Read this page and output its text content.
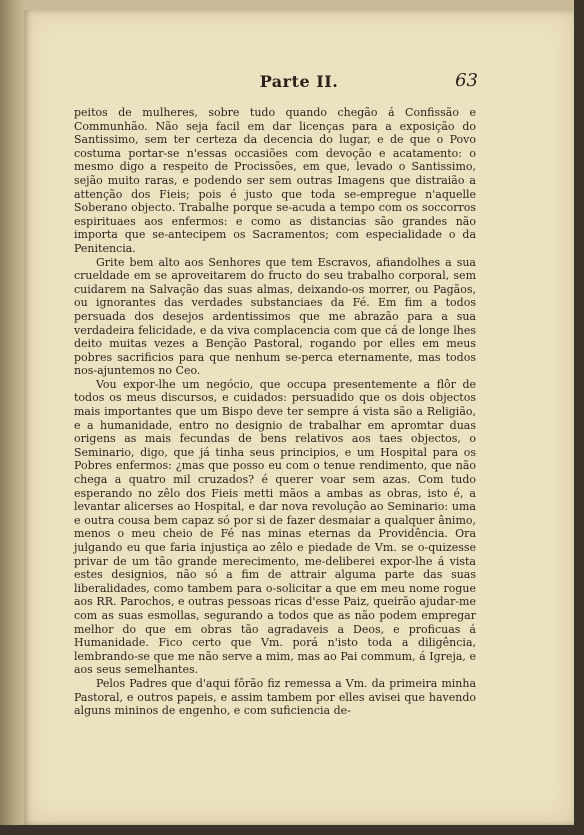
Parte II.	63

peitos de mulheres, sobre tudo quando chegão á Confissão e Communhão. Não seja facil em dar licenças para a exposição do Santissimo, sem ter certeza da decencia do lugar, e de que o Povo costuma portar-se n'essas occasiões com devoção e acatamento: o mesmo digo a respeito de Procissões, em que, levado o Santissimo, sejão muito raras, e podendo ser sem outras Imagens que distraião a attenção dos Fieis; pois é justo que toda se-empregue n'aquelle Soberano objecto. Trabalhe porque se-acuda a tempo com os soccorros espirituaes aos enfermos: e como as distancias são grandes não importa que se-antecipem os Sacramentos; com especialidade o da Penitencia.

Grite bem alto aos Senhores que tem Escravos, afiandolhes a sua crueldade em se aproveitarem do fructo do seu trabalho corporal, sem cuidarem na Salvação das suas almas, deixando-os morrer, ou Pagãos, ou ignorantes das verdades substanciaes da Fé. Em fim a todos persuada dos desejos ardentissimos que me abrazão para a sua verdadeira felicidade, e da viva complacencia com que cá de longe lhes deito muitas vezes a Benção Pastoral, rogando por elles em meus pobres sacrificios para que nenhum se-perca eternamente, mas todos nos-ajuntemos no Ceo.

Vou expor-lhe um negócio, que occupa presentemente a flôr de todos os meus discursos, e cuidados: persuadido que os dois objectos mais importantes que um Bispo deve ter sempre á vista são a Religião, e a humanidade, entro no designio de trabalhar em apromtar duas origens as mais fecundas de bens relativos aos taes objectos, o Seminario, digo, que já tinha seus principios, e um Hospital para os Pobres enfermos: ¿mas que posso eu com o tenue rendimento, que não chega a quatro mil cruzados? é querer voar sem azas. Com tudo esperando no zêlo dos Fieis metti mãos a ambas as obras, isto é, a levantar alicerses ao Hospital, e dar nova revolução ao Seminario: uma e outra cousa bem capaz só por si de fazer desmaiar a qualquer ânimo, menos o meu cheio de Fé nas minas eternas da Providência. Ora julgando eu que faria injustiça ao zêlo e piedade de Vm. se o-quizesse privar de um tão grande merecimento, me-deliberei expor-lhe á vista estes designios, não só a fim de attrair alguma parte das suas liberalidades, como tambem para o-solicitar a que em meu nome rogue aos RR. Parochos, e outras pessoas ricas d'esse Paiz, queirão ajudar-me com as suas esmollas, segurando a todos que as não podem empregar melhor do que em obras tão agradaveis a Deos, e proficuas á Humanidade. Fico certo que Vm. porá n'isto toda a diligência, lembrando-se que me não serve a mim, mas ao Pai commum, á Igreja, e aos seus semelhantes.

Pelos Padres que d'aqui fôrão fiz remessa a Vm. da primeira minha Pastoral, e outros papeis, e assim tambem por elles avisei que havendo alguns mininos de engenho, e com suficiencia de-
